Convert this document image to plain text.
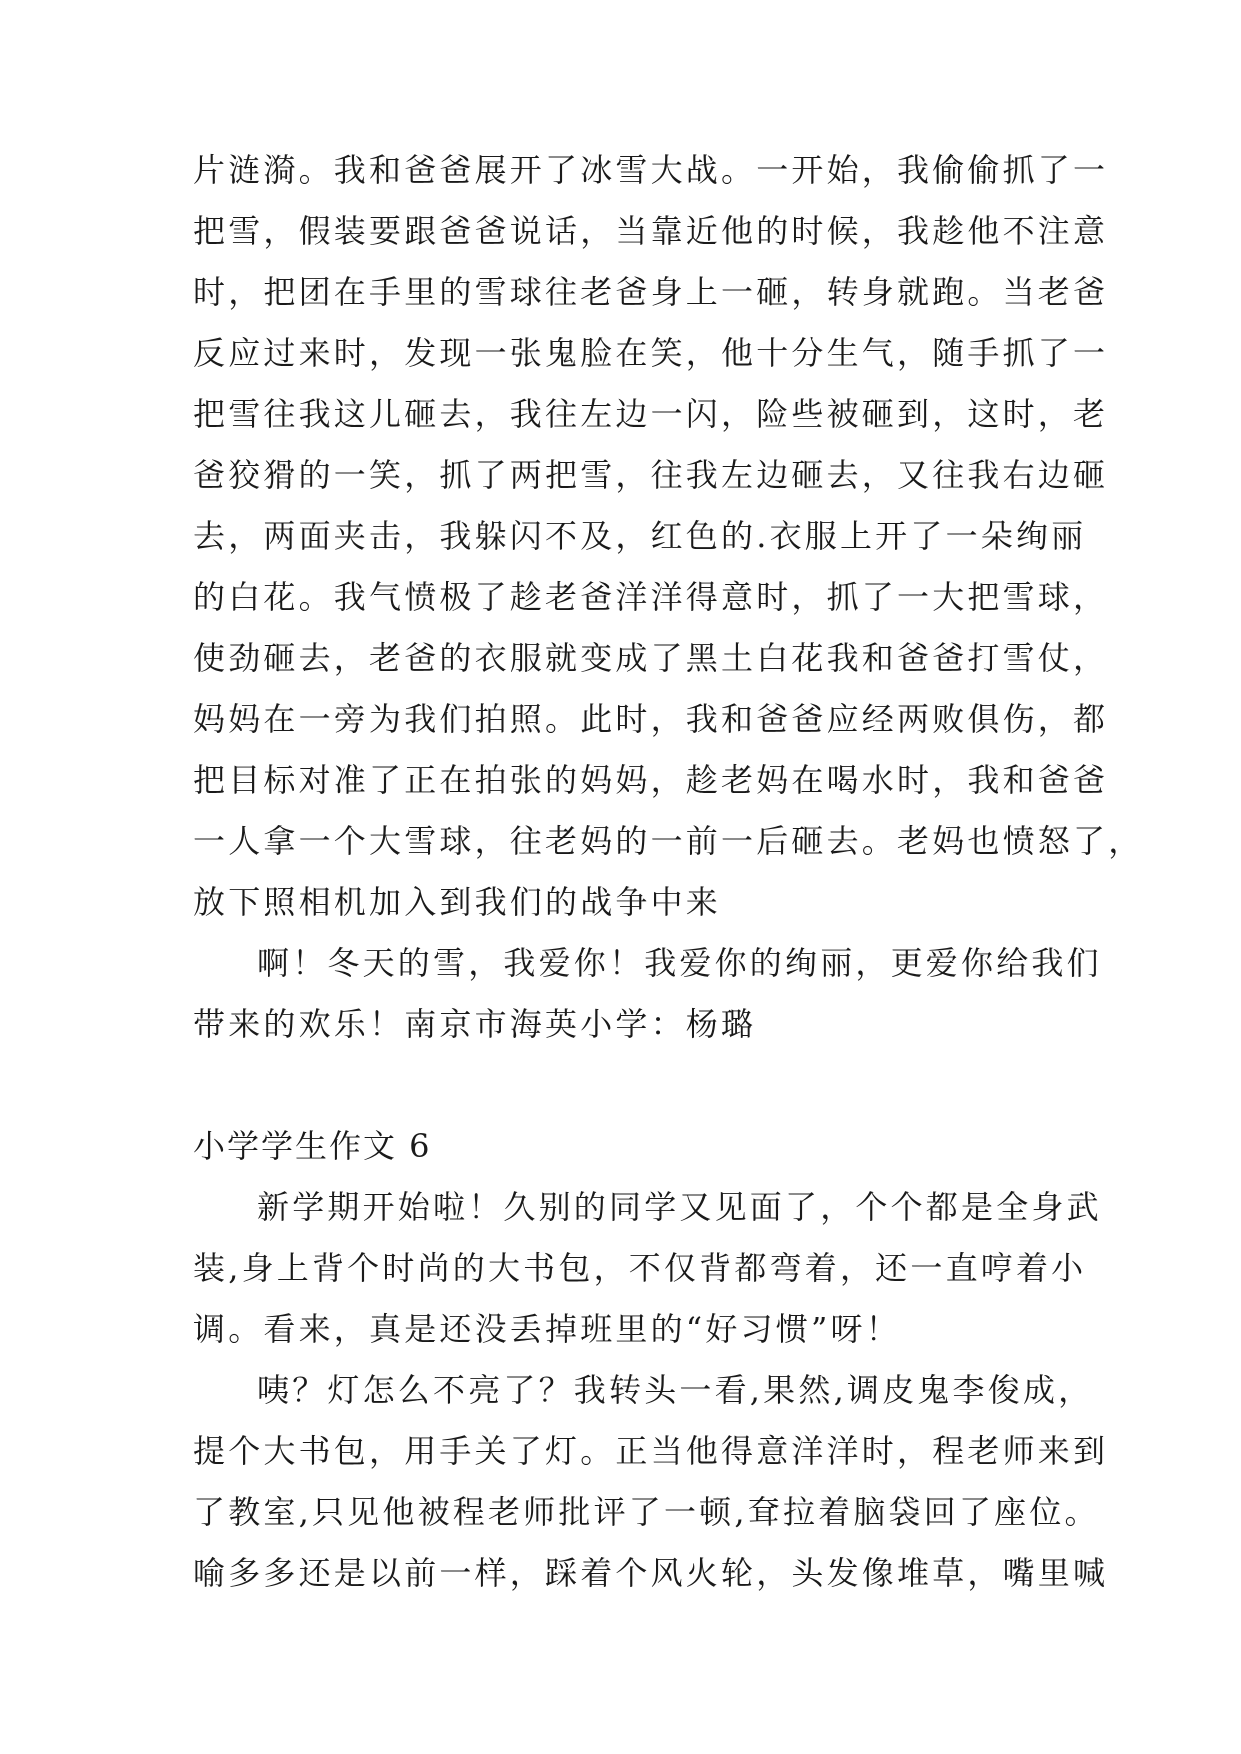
片涟漪。我和爸爸展开了冰雪大战。一开始，我偷偷抓了一
把雪，假装要跟爸爸说话，当靠近他的时候，我趁他不注意
时，把团在手里的雪球往老爸身上一砸，转身就跑。当老爸
反应过来时，发现一张鬼脸在笑，他十分生气，随手抓了一
把雪往我这儿砸去，我往左边一闪，险些被砸到，这时，老
爸狡猾的一笑，抓了两把雪，往我左边砸去，又往我右边砸
去，两面夹击，我躲闪不及，红色的.衣服上开了一朵绚丽
的白花。我气愤极了趁老爸洋洋得意时，抓了一大把雪球，
使劲砸去，老爸的衣服就变成了黑土白花我和爸爸打雪仗，
妈妈在一旁为我们拍照。此时，我和爸爸应经两败俱伤，都
把目标对准了正在拍张的妈妈，趁老妈在喝水时，我和爸爸
一人拿一个大雪球，往老妈的一前一后砸去。老妈也愤怒了，
放下照相机加入到我们的战争中来
啊！冬天的雪，我爱你！我爱你的绚丽，更爱你给我们
带来的欢乐！南京市海英小学：杨璐
小学学生作文 6
新学期开始啦！久别的同学又见面了，个个都是全身武
装,身上背个时尚的大书包，不仅背都弯着，还一直哼着小
调。看来，真是还没丢掉班里的“好习惯”呀！
咦？灯怎么不亮了？我转头一看,果然,调皮鬼李俊成，
提个大书包，用手关了灯。正当他得意洋洋时，程老师来到
了教室,只见他被程老师批评了一顿,耷拉着脑袋回了座位。
喻多多还是以前一样，踩着个风火轮，头发像堆草，嘴里喊
